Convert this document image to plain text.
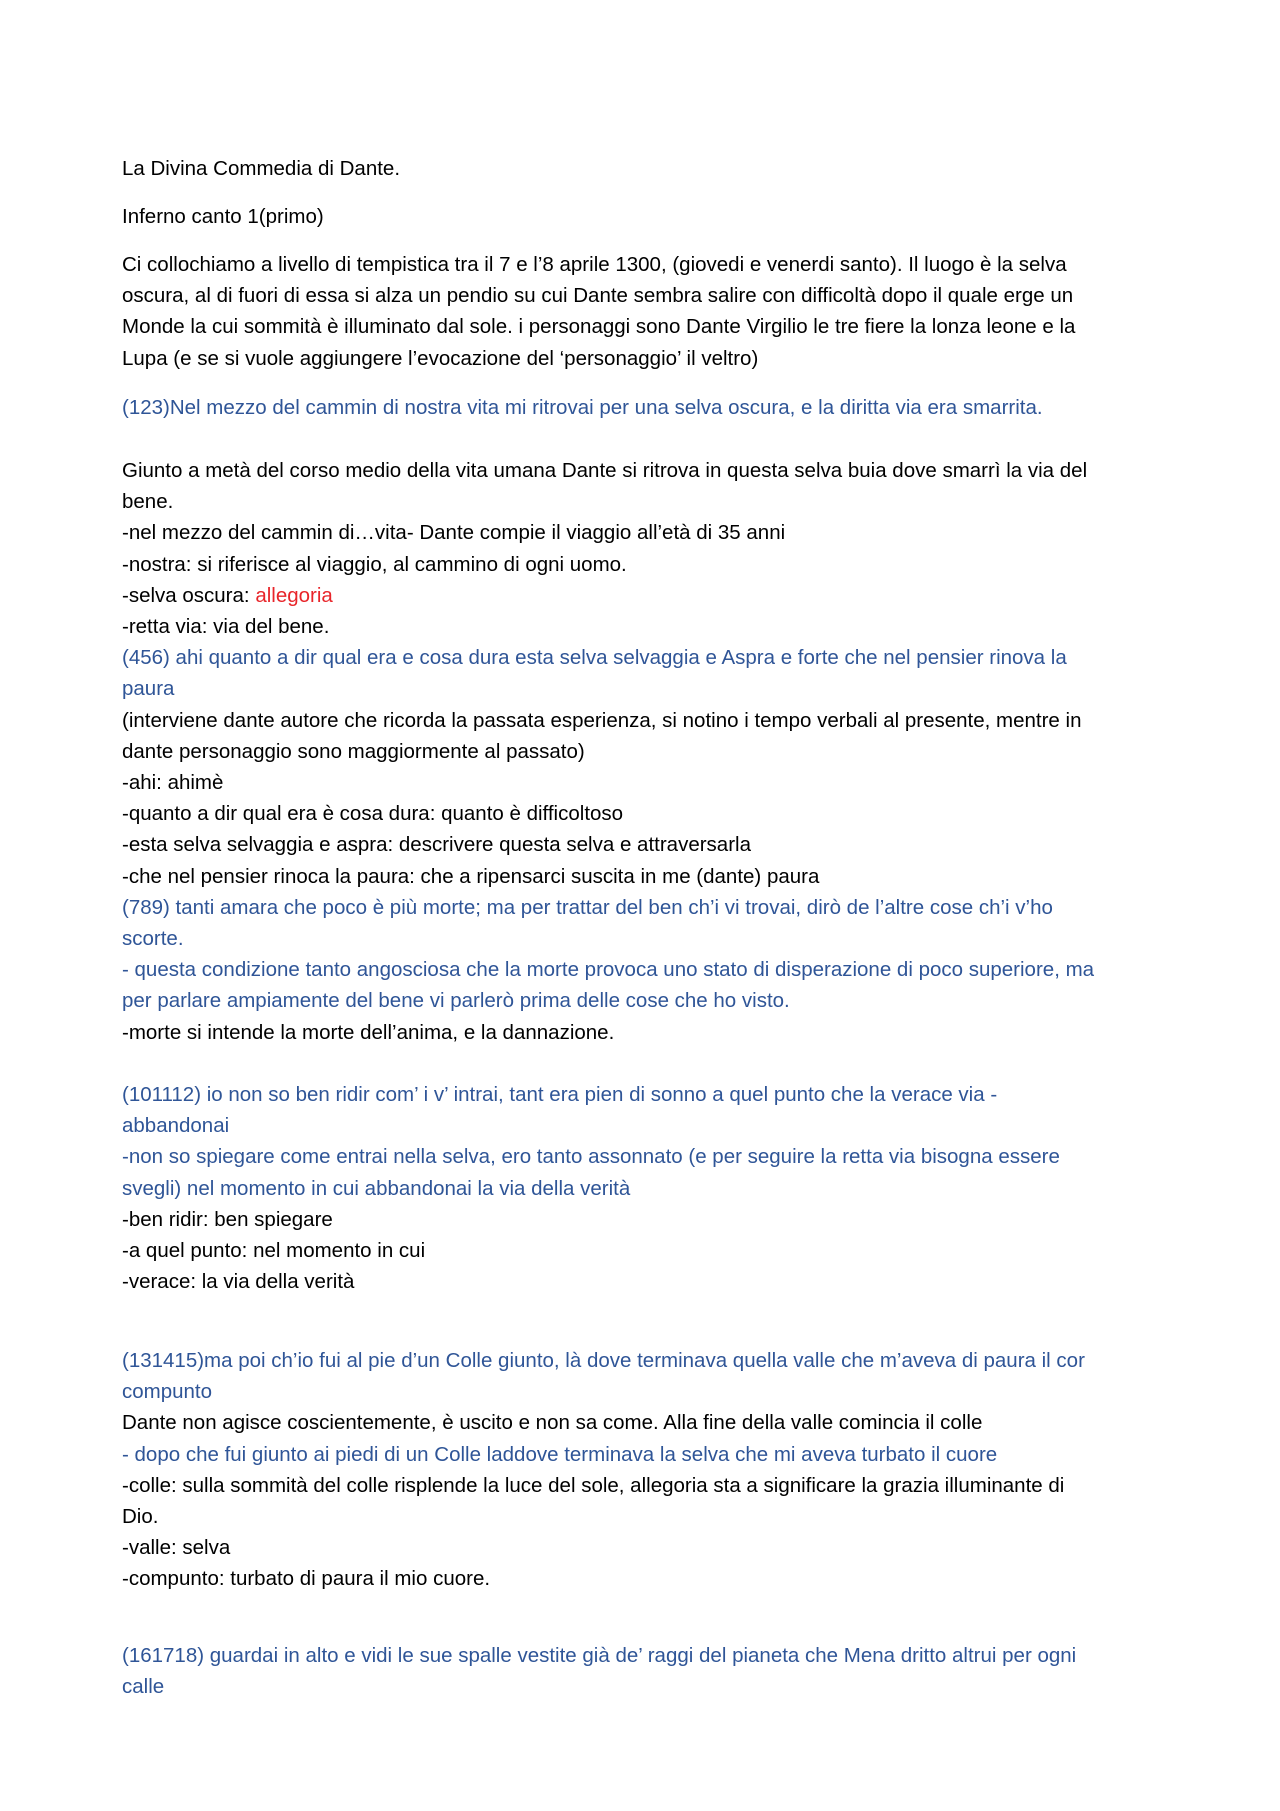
La Divina Commedia di Dante.

Inferno canto 1(primo)

Ci collochiamo a livello di tempistica tra il 7 e l’8 aprile 1300, (giovedi e venerdi santo). Il luogo è la selva
oscura, al di fuori di essa si alza un pendio su cui Dante sembra salire con difficoltà dopo il quale erge un
Monde la cui sommità è illuminato dal sole. i personaggi sono Dante Virgilio le tre fiere la lonza leone e la
Lupa (e se si vuole aggiungere l’evocazione del ‘personaggio’ il veltro)

(123)Nel mezzo del cammin di nostra vita mi ritrovai per una selva oscura, e la diritta via era smarrita.

Giunto a metà del corso medio della vita umana Dante si ritrova in questa selva buia dove smarrì la via del
bene.
-nel mezzo del cammin di…vita- Dante compie il viaggio all’età di 35 anni
-nostra: si riferisce al viaggio, al cammino di ogni uomo.
-selva oscura: allegoria
-retta via: via del bene.
(456) ahi quanto a dir qual era e cosa dura esta selva selvaggia e Aspra e forte che nel pensier rinova la
paura
(interviene dante autore che ricorda la passata esperienza, si notino i tempo verbali al presente, mentre in
dante personaggio sono maggiormente al passato)
-ahi: ahimè
-quanto a dir qual era è cosa dura: quanto è difficoltoso
-esta selva selvaggia e aspra: descrivere questa selva e attraversarla
-che nel pensier rinoca la paura: che a ripensarci suscita in me (dante) paura
(789) tanti amara che poco è più morte; ma per trattar del ben ch’i vi trovai, dirò de l’altre cose ch’i v’ho
scorte.
- questa condizione tanto angosciosa che la morte provoca uno stato di disperazione di poco superiore, ma
per parlare ampiamente del bene vi parlerò prima delle cose che ho visto.
-morte si intende la morte dell’anima, e la dannazione.
(101112) io non so ben ridir com’ i v’ intrai, tant era pien di sonno a quel punto che la verace via -
abbandonai
-non so spiegare come entrai nella selva, ero tanto assonnato (e per seguire la retta via bisogna essere
svegli) nel momento in cui abbandonai la via della verità
-ben ridir: ben spiegare
-a quel punto: nel momento in cui
-verace: la via della verità
(131415)ma poi ch’io fui al pie d’un Colle giunto, là dove terminava quella valle che m’aveva di paura il cor
compunto
Dante non agisce coscientemente, è uscito e non sa come. Alla fine della valle comincia il colle
- dopo che fui giunto ai piedi di un Colle laddove terminava la selva che mi aveva turbato il cuore
-colle: sulla sommità del colle risplende la luce del sole, allegoria sta a significare la grazia illuminante di
Dio.
-valle: selva
-compunto: turbato di paura il mio cuore.
(161718) guardai in alto e vidi le sue spalle vestite già de’ raggi del pianeta che Mena dritto altrui per ogni
calle
